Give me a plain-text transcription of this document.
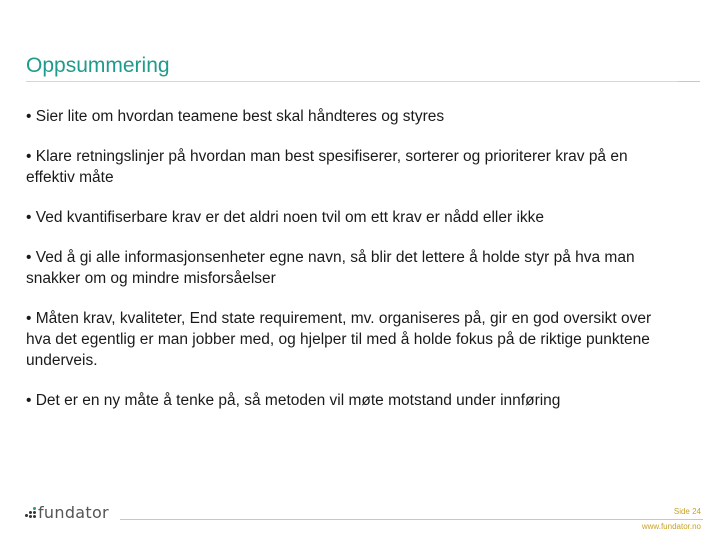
Oppsummering
• Sier lite om hvordan teamene best skal håndteres og styres
• Klare retningslinjer på hvordan man best spesifiserer, sorterer og prioriterer krav på en effektiv måte
• Ved kvantifiserbare krav er det aldri noen tvil om ett krav er nådd eller ikke
• Ved å gi alle informasjonsenheter egne navn, så blir det lettere å holde styr på hva man snakker om og mindre misforsåelser
• Måten krav, kvaliteter, End state requirement, mv. organiseres på, gir en god oversikt over hva det egentlig er man jobber med, og hjelper til med å holde fokus på de riktige punktene underveis.
• Det er en ny måte å tenke på, så metoden vil møte motstand under innføring
fundator	Side 24
www.fundator.no
